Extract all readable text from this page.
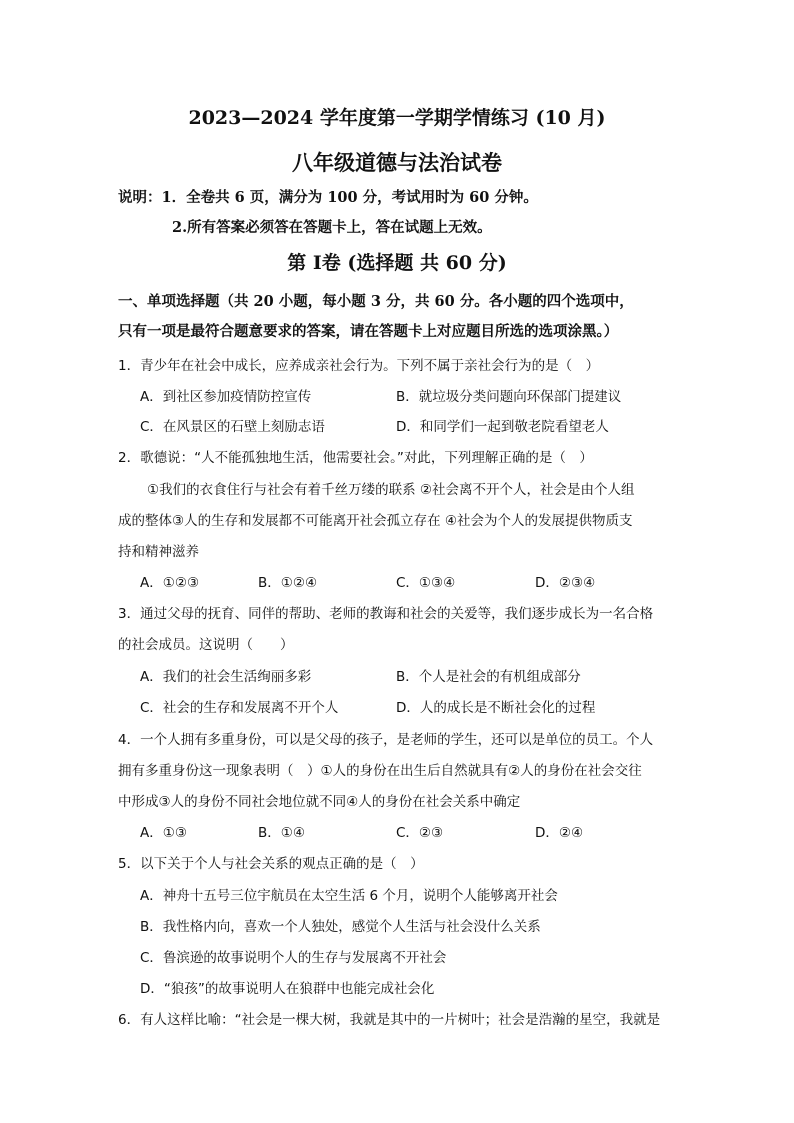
2023—2024 学年度第一学期学情练习 (10 月)
八年级道德与法治试卷
说明：1．全卷共 6 页，满分为 100 分，考试用时为 60 分钟。
2.所有答案必须答在答题卡上，答在试题上无效。
第 Ⅰ卷 (选择题 共 60 分)
一、单项选择题（共 20 小题，每小题 3 分，共 60 分。各小题的四个选项中，
只有一项是最符合题意要求的答案，请在答题卡上对应题目所选的选项涂黑。）
1．青少年在社会中成长，应养成亲社会行为。下列不属于亲社会行为的是（　）
A．到社区参加疫情防控宣传	B．就垃圾分类问题向环保部门提建议
C．在风景区的石壁上刻励志语	D．和同学们一起到敬老院看望老人
2．歌德说：“人不能孤独地生活，他需要社会。”对此，下列理解正确的是（　）
①我们的衣食住行与社会有着千丝万缕的联系 ②社会离不开个人，社会是由个人组
成的整体③人的生存和发展都不可能离开社会孤立存在 ④社会为个人的发展提供物质支
持和精神滋养
A．①②③	B．①②④	C．①③④	D．②③④
3．通过父母的抚育、同伴的帮助、老师的教诲和社会的关爱等，我们逐步成长为一名合格
的社会成员。这说明（　　）
A．我们的社会生活绚丽多彩	B．个人是社会的有机组成部分
C．社会的生存和发展离不开个人	D．人的成长是不断社会化的过程
4．一个人拥有多重身份，可以是父母的孩子，是老师的学生，还可以是单位的员工。个人
拥有多重身份这一现象表明（　）①人的身份在出生后自然就具有②人的身份在社会交往
中形成③人的身份不同社会地位就不同④人的身份在社会关系中确定
A．①③	B．①④	C．②③	D．②④
5．以下关于个人与社会关系的观点正确的是（　）
A．神舟十五号三位宇航员在太空生活 6 个月，说明个人能够离开社会
B．我性格内向，喜欢一个人独处，感觉个人生活与社会没什么关系
C．鲁滨逊的故事说明个人的生存与发展离不开社会
D．“狼孩”的故事说明人在狼群中也能完成社会化
6．有人这样比喻：“社会是一棵大树，我就是其中的一片树叶；社会是浩瀚的星空，我就是
